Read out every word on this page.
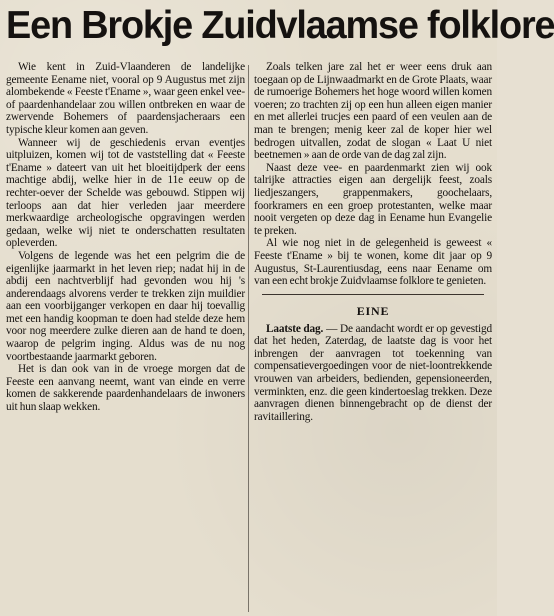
Een Brokje Zuidvlaamse folklore

Wie kent in Zuid-Vlaanderen de landelijke gemeente Eename niet, vooral op 9 Augustus met zijn alombekende « Feeste t'Ename », waar geen enkel vee- of paardenhandelaar zou willen ontbreken en waar de zwervende Bohemers of paardensjacheraars een typische kleur komen aan geven.

Wanneer wij de geschiedenis ervan eventjes uitpluizen, komen wij tot de vaststelling dat « Feeste t'Ename » dateert van uit het bloeitijdperk der eens machtige abdij, welke hier in de 11e eeuw op de rechter-oever der Schelde was gebouwd. Stippen wij terloops aan dat hier verleden jaar meerdere merkwaardige archeologische opgravingen werden gedaan, welke wij niet te onderschatten resultaten opleverden.

Volgens de legende was het een pelgrim die de eigenlijke jaarmarkt in het leven riep; nadat hij in de abdij een nachtverblijf had gevonden wou hij 's anderendaags alvorens verder te trekken zijn muildier aan een voorbijganger verkopen en daar hij toevallig met een handig koopman te doen had stelde deze hem voor nog meerdere zulke dieren aan de hand te doen, waarop de pelgrim inging. Aldus was de nu nog voortbestaande jaarmarkt geboren.

Het is dan ook van in de vroege morgen dat de Feeste een aanvang neemt, want van einde en verre komen de sakkerende paardenhandelaars de inwoners uit hun slaap wekken.

Zoals telken jare zal het er weer eens druk aan toegaan op de Lijnwaadmarkt en de Grote Plaats, waar de rumoerige Bohemers het hoge woord willen komen voeren; zo trachten zij op een hun alleen eigen manier en met allerlei trucjes een paard of een veulen aan de man te brengen; menig keer zal de koper hier wel bedrogen uitvallen, zodat de slogan « Laat U niet beetnemen » aan de orde van de dag zal zijn.

Naast deze vee- en paardenmarkt zien wij ook talrijke attracties eigen aan dergelijk feest, zoals liedjeszangers, grappenmakers, goochelaars, foorkramers en een groep protestanten, welke maar nooit vergeten op deze dag in Eename hun Evangelie te preken.

Al wie nog niet in de gelegenheid is geweest « Feeste t'Ename » bij te wonen, kome dit jaar op 9 Augustus, St-Laurentiusdag, eens naar Eename om van een echt brokje Zuidvlaamse folklore te genieten.

EINE

Laatste dag. — De aandacht wordt er op gevestigd dat het heden, Zaterdag, de laatste dag is voor het inbrengen der aanvragen tot toekenning van compensatievergoedingen voor de niet-loontrekkende vrouwen van arbeiders, bedienden, gepensioneerden, verminkten, enz. die geen kindertoeslag trekken. Deze aanvragen dienen binnengebracht op de dienst der ravitaillering.
